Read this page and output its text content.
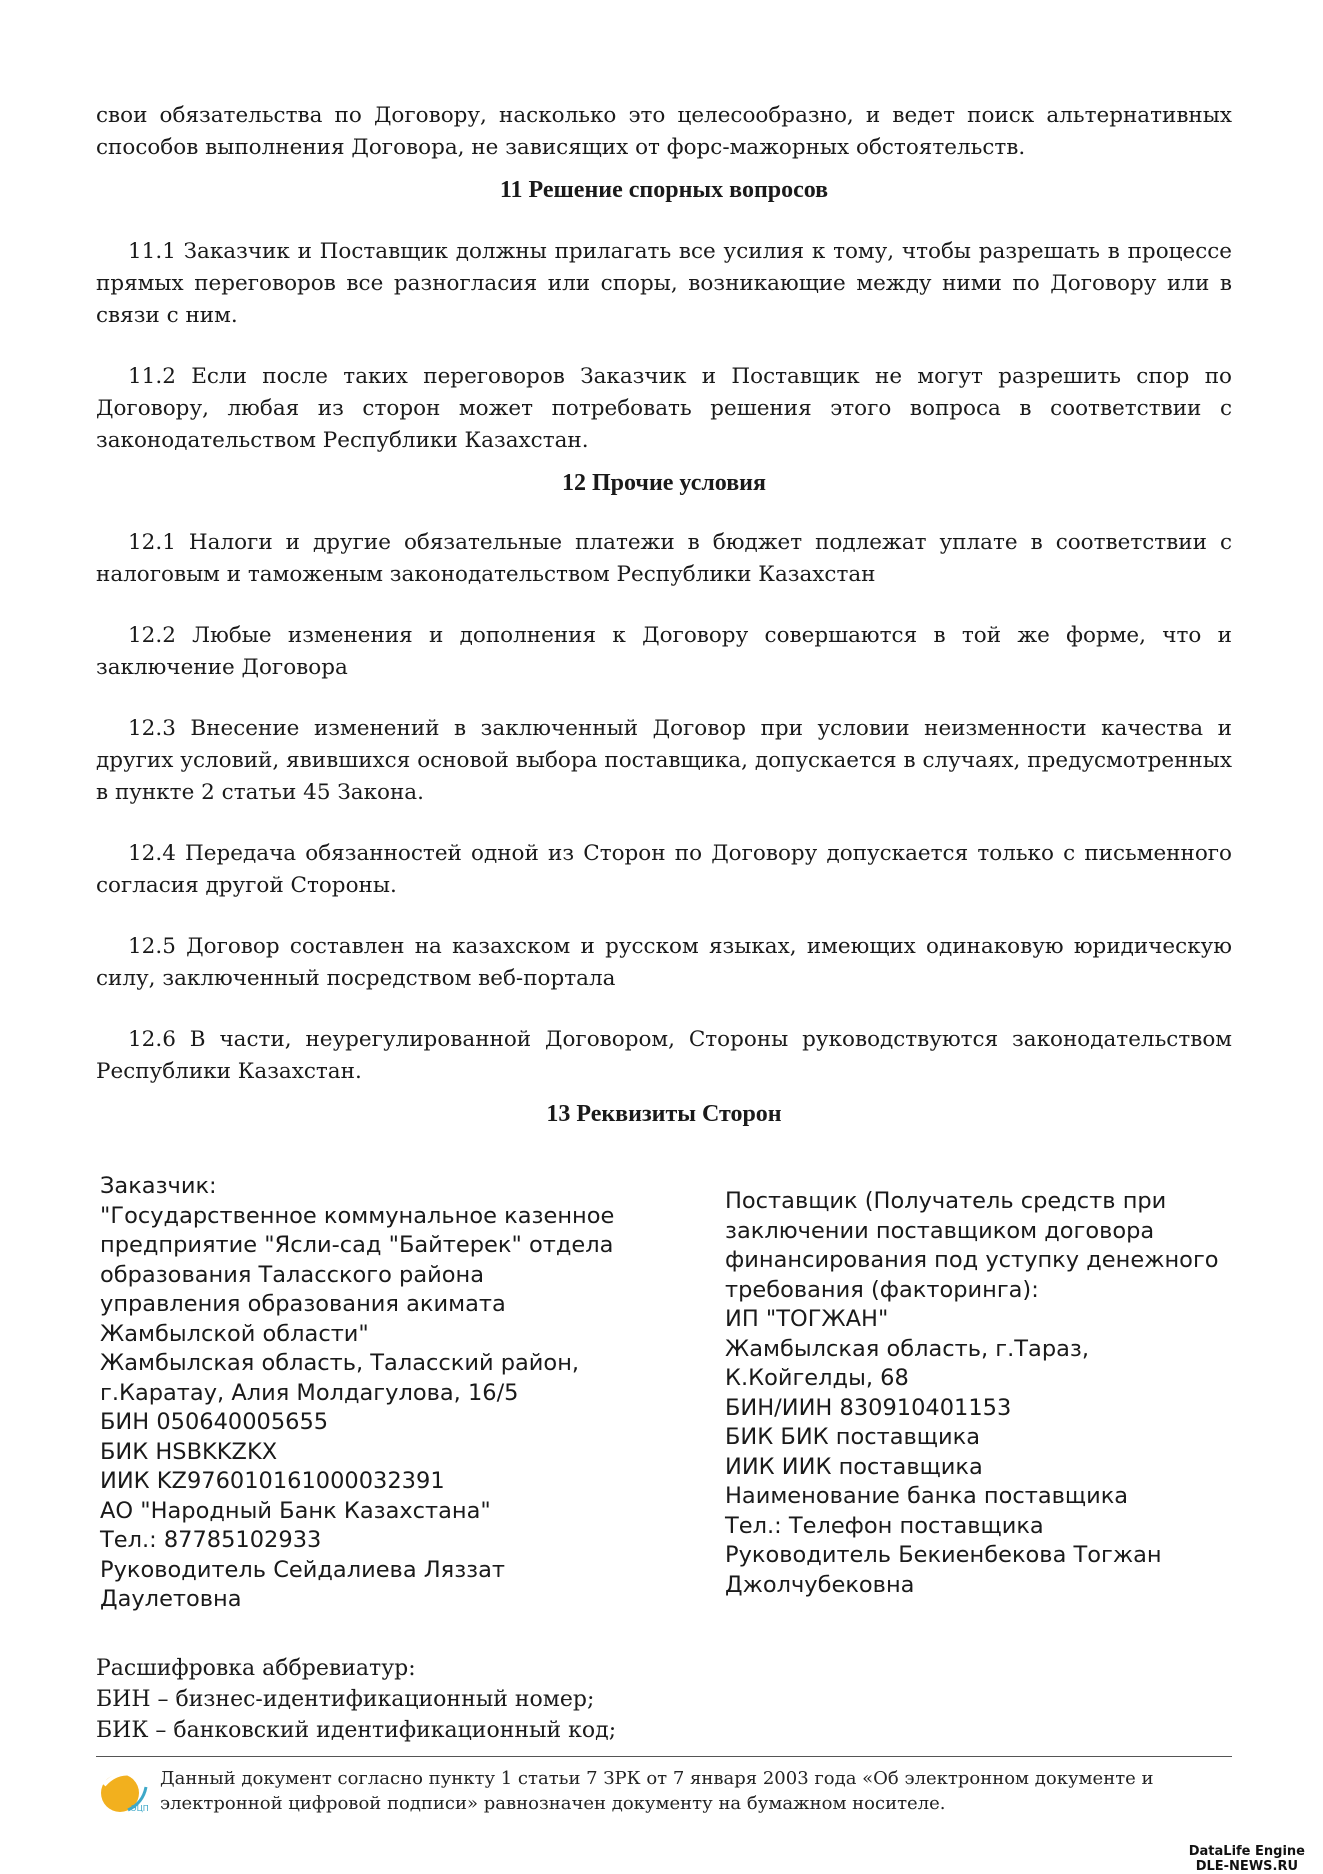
свои обязательства по Договору, насколько это целесообразно, и ведет поиск альтернативных способов выполнения Договора, не зависящих от форс-мажорных обстоятельств.

11 Решение спорных вопросов

11.1 Заказчик и Поставщик должны прилагать все усилия к тому, чтобы разрешать в процессе прямых переговоров все разногласия или споры, возникающие между ними по Договору или в связи с ним.

11.2 Если после таких переговоров Заказчик и Поставщик не могут разрешить спор по Договору, любая из сторон может потребовать решения этого вопроса в соответствии с законодательством Республики Казахстан.

12 Прочие условия

12.1 Налоги и другие обязательные платежи в бюджет подлежат уплате в соответствии с налоговым и таможеным законодательством Республики Казахстан

12.2 Любые изменения и дополнения к Договору совершаются в той же форме, что и заключение Договора

12.3 Внесение изменений в заключенный Договор при условии неизменности качества и других условий, явившихся основой выбора поставщика, допускается в случаях, предусмотренных в пункте 2 статьи 45 Закона.

12.4 Передача обязанностей одной из Сторон по Договору допускается только с письменного согласия другой Стороны.

12.5 Договор составлен на казахском и русском языках, имеющих одинаковую юридическую силу, заключенный посредством веб-портала

12.6 В части, неурегулированной Договором, Стороны руководствуются законодательством Республики Казахстан.

13 Реквизиты Сторон

Заказчик:
"Государственное коммунальное казенное
предприятие "Ясли-сад "Байтерек" отдела
образования Таласского района
управления образования акимата
Жамбылской области"
Жамбылская область, Таласский район,
г.Каратау, Алия Молдагулова, 16/5
БИН 050640005655
БИК HSBKKZKX
ИИК KZ976010161000032391
АО "Народный Банк Казахстана"
Тел.: 87785102933
Руководитель Сейдалиева Ляззат
Даулетовна
Поставщик (Получатель средств при
заключении поставщиком договора
финансирования под уступку денежного
требования (факторинга):
ИП "ТОГЖАН"
Жамбылская область, г.Тараз,
К.Койгелды, 68
БИН/ИИН 830910401153
БИК БИК поставщика
ИИК ИИК поставщика
Наименование банка поставщика
Тел.: Телефон поставщика
Руководитель Бекиенбекова Тогжан
Джолчубековна
Расшифровка аббревиатур:
БИН – бизнес-идентификационный номер;
БИК – банковский идентификационный код;
ЭЦП

Данный документ согласно пункту 1 статьи 7 ЗРК от 7 января 2003 года «Об электронном документе и электронной цифровой подписи» равнозначен документу на бумажном носителе.

DataLife Engine
DLE-NEWS.RU
